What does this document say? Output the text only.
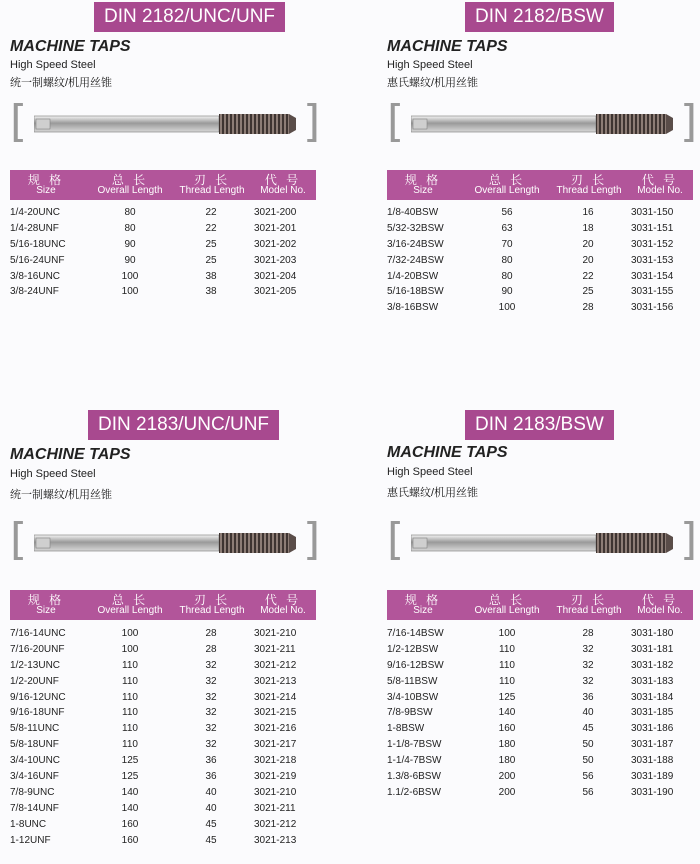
DIN 2182/UNC/UNF
MACHINE TAPS
High Speed Steel
统一制螺纹/机用丝锥
[	]
规 格	总 长	刃 长	代 号
Size	Overall Length	Thread Length	Model No.
1/4-20UNC	80	22	3021-200
1/4-28UNF	80	22	3021-201
5/16-18UNC	90	25	3021-202
5/16-24UNF	90	25	3021-203
3/8-16UNC	100	38	3021-204
3/8-24UNF	100	38	3021-205
DIN 2182/BSW
MACHINE TAPS
High Speed Steel
惠氏螺纹/机用丝锥
[	]
规 格	总 长	刃 长	代 号
Size	Overall Length	Thread Length	Model No.
1/8-40BSW	56	16	3031-150
5/32-32BSW	63	18	3031-151
3/16-24BSW	70	20	3031-152
7/32-24BSW	80	20	3031-153
1/4-20BSW	80	22	3031-154
5/16-18BSW	90	25	3031-155
3/8-16BSW	100	28	3031-156
DIN 2183/UNC/UNF
MACHINE TAPS
High Speed Steel
统一制螺纹/机用丝锥
[	]
规 格	总 长	刃 长	代 号
Size	Overall Length	Thread Length	Model No.
7/16-14UNC	100	28	3021-210
7/16-20UNF	100	28	3021-211
1/2-13UNC	110	32	3021-212
1/2-20UNF	110	32	3021-213
9/16-12UNC	110	32	3021-214
9/16-18UNF	110	32	3021-215
5/8-11UNC	110	32	3021-216
5/8-18UNF	110	32	3021-217
3/4-10UNC	125	36	3021-218
3/4-16UNF	125	36	3021-219
7/8-9UNC	140	40	3021-210
7/8-14UNF	140	40	3021-211
1-8UNC	160	45	3021-212
1-12UNF	160	45	3021-213
DIN 2183/BSW
MACHINE TAPS
High Speed Steel
惠氏螺纹/机用丝锥
[	]
规 格	总 长	刃 长	代 号
Size	Overall Length	Thread Length	Model No.
7/16-14BSW	100	28	3031-180
1/2-12BSW	110	32	3031-181
9/16-12BSW	110	32	3031-182
5/8-11BSW	110	32	3031-183
3/4-10BSW	125	36	3031-184
7/8-9BSW	140	40	3031-185
1-8BSW	160	45	3031-186
1-1/8-7BSW	180	50	3031-187
1-1/4-7BSW	180	50	3031-188
1.3/8-6BSW	200	56	3031-189
1.1/2-6BSW	200	56	3031-190
